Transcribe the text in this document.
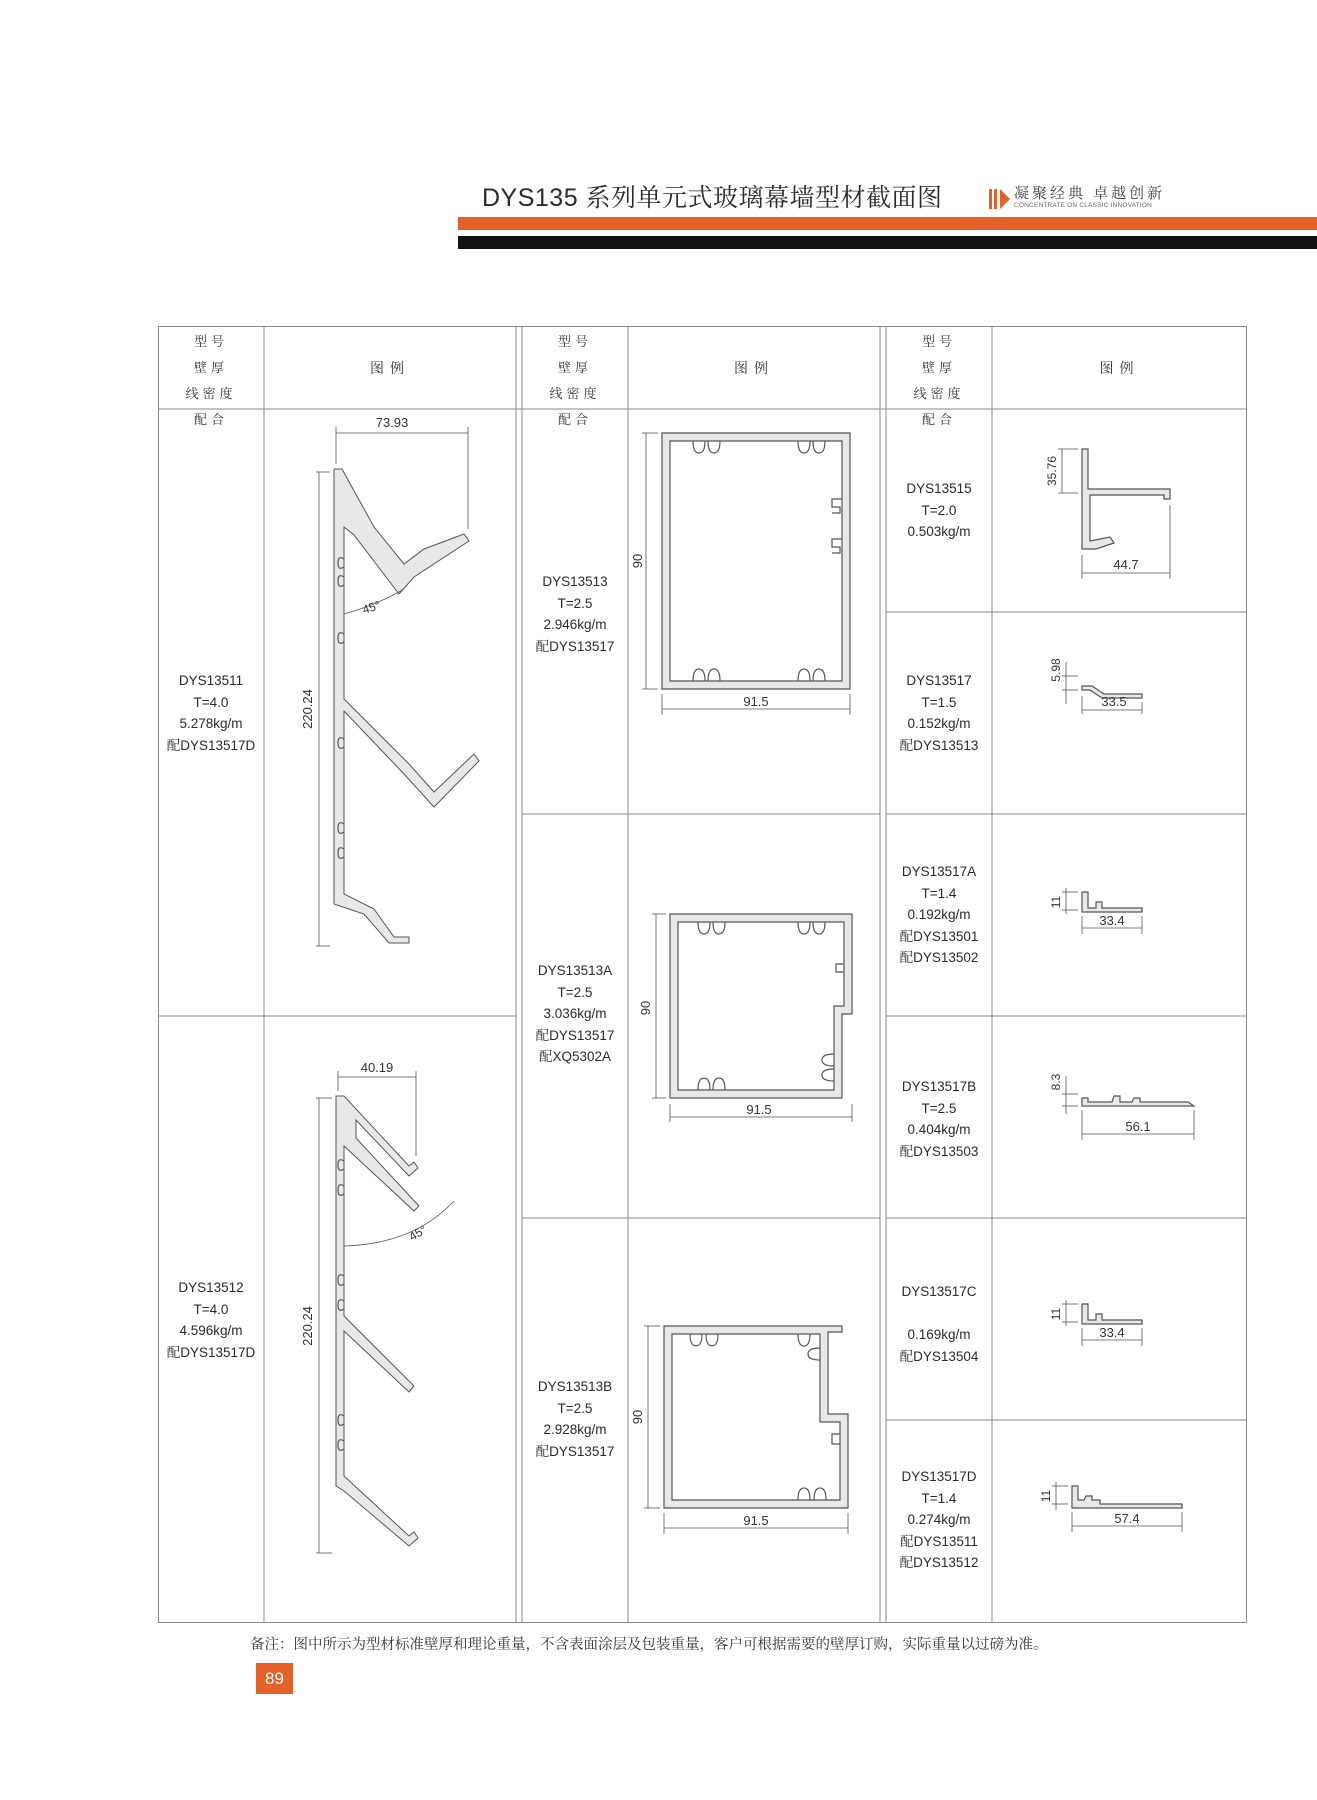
DYS135 系列单元式玻璃幕墙型材截面图	凝聚经典 卓越创新
CONCENTRATE ON CLASSIC INNOVATION
型号
壁厚
线密度
配合
图例
型号
壁厚
线密度
配合
图例
型号
壁厚
线密度
配合
图例
DYS13511
T=4.0
5.278kg/m
配DYS13517D
73.93
220.24
45°
DYS13512
T=4.0
4.596kg/m
配DYS13517D
40.19
220.24
45°
DYS13513
T=2.5
2.946kg/m
配DYS13517
91.5
90
DYS13513A
T=2.5
3.036kg/m
配DYS13517
配XQ5302A
91.5
90
DYS13513B
T=2.5
2.928kg/m
配DYS13517
91.5
90
DYS13515
T=2.0
0.503kg/m
44.7
35.76
DYS13517
T=1.5
0.152kg/m
配DYS13513
33.5
5.98
DYS13517A
T=1.4
0.192kg/m
配DYS13501
配DYS13502
33.4
11
DYS13517B
T=2.5
0.404kg/m
配DYS13503
56.1
8.3
DYS13517C
0.169kg/m
配DYS13504
33.4
11
DYS13517D
T=1.4
0.274kg/m
配DYS13511
配DYS13512
57.4
11
备注：图中所示为型材标准壁厚和理论重量，不含表面涂层及包装重量，客户可根据需要的壁厚订购，实际重量以过磅为准。
89
